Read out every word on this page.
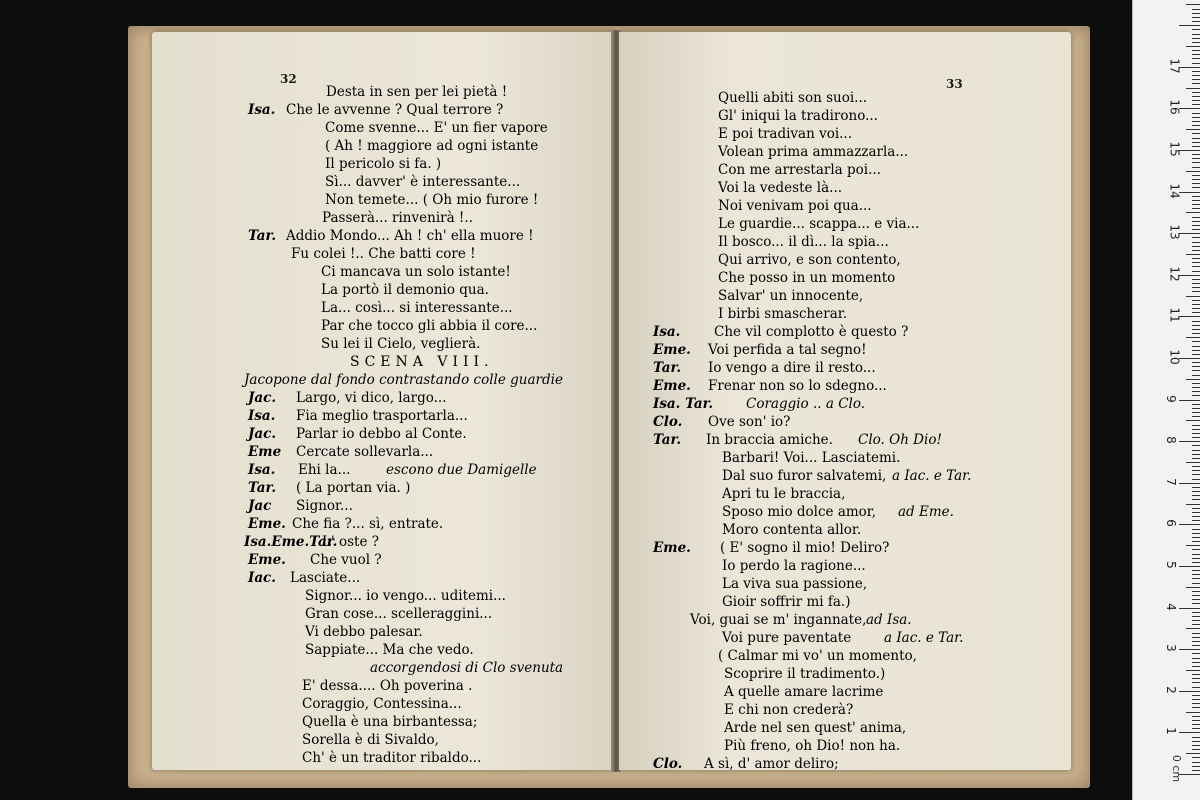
32	33
Desta in sen per lei pietà !
Isa. Che le avvenne ? Qual terrore ?
Come svenne... E' un fier vapore
( Ah ! maggiore ad ogni istante
Il pericolo si fa. )
Sì... davver' è interessante...
Non temete... ( Oh mio furore !
Passerà... rinvenirà !..
Tar. Addio Mondo... Ah ! ch' ella muore !
Fu colei !.. Che batti core !
Ci mancava un solo istante!
La portò il demonio qua.
La... così... si interessante...
Par che tocco gli abbia il core...
Su lei il Cielo, veglierà.
SCENA VIII.
Jacopone dal fondo contrastando colle guardie
Jac. Largo, vi dico, largo...
Isa. Fia meglio trasportarla...
Jac. Parlar io debbo al Conte.
Eme Cercate sollevarla...
Isa. Ehi la...	escono due Damigelle
Tar. ( La portan via. )
Jac Signor...
Eme. Che fia ?... sì, entrate.
Isa.Eme.Tar.
L' oste ?
Eme. Che vuol ?
Iac. Lasciate...
Signor... io vengo... uditemi...
Gran cose... scelleraggini...
Vi debbo palesar.
Sappiate... Ma che vedo.
accorgendosi di Clo svenuta
E' dessa.... Oh poverina .
Coraggio, Contessina...
Quella è una birbantessa;
Sorella è di Sivaldo,
Ch' è un traditor ribaldo...
Quelli abiti son suoi...
Gl' iniqui la tradirono...
E poi tradivan voi...
Volean prima ammazzarla...
Con me arrestarla poi...
Voi la vedeste là...
Noi venivam poi qua...
Le guardie... scappa... e via...
Il bosco... il dì... la spia...
Qui arrivo, e son contento,
Che posso in un momento
Salvar' un innocente,
I birbi smascherar.
Isa. Che vil complotto è questo ?
Eme. Voi perfida a tal segno!
Tar. Io vengo a dire il resto...
Eme. Frenar non so lo sdegno...
Isa. Tar. Coraggio .. a Clo.
Clo. Ove son' io?
Tar. In braccia amiche. Clo. Oh Dio!
Barbari! Voi... Lasciatemi.
Dal suo furor salvatemi, a Iac. e Tar.
Apri tu le braccia,
Sposo mio dolce amor, ad Eme.
Moro contenta allor.
Eme. ( E' sogno il mio! Deliro?
Io perdo la ragione...
La viva sua passione,
Gioir soffrir mi fa.)
Voi, guai se m' ingannate, ad Isa.
Voi pure paventate a Iac. e Tar.
( Calmar mi vo' un momento,
Scoprire il tradimento.)
A quelle amare lacrime
E chi non crederà?
Arde nel sen quest' anima,
Più freno, oh Dio! non ha.
Clo. A sì, d' amor deliro;
1
2
3
4
5
6
7
8
9
10
11
12
13
14
15
16
17
0 cm
